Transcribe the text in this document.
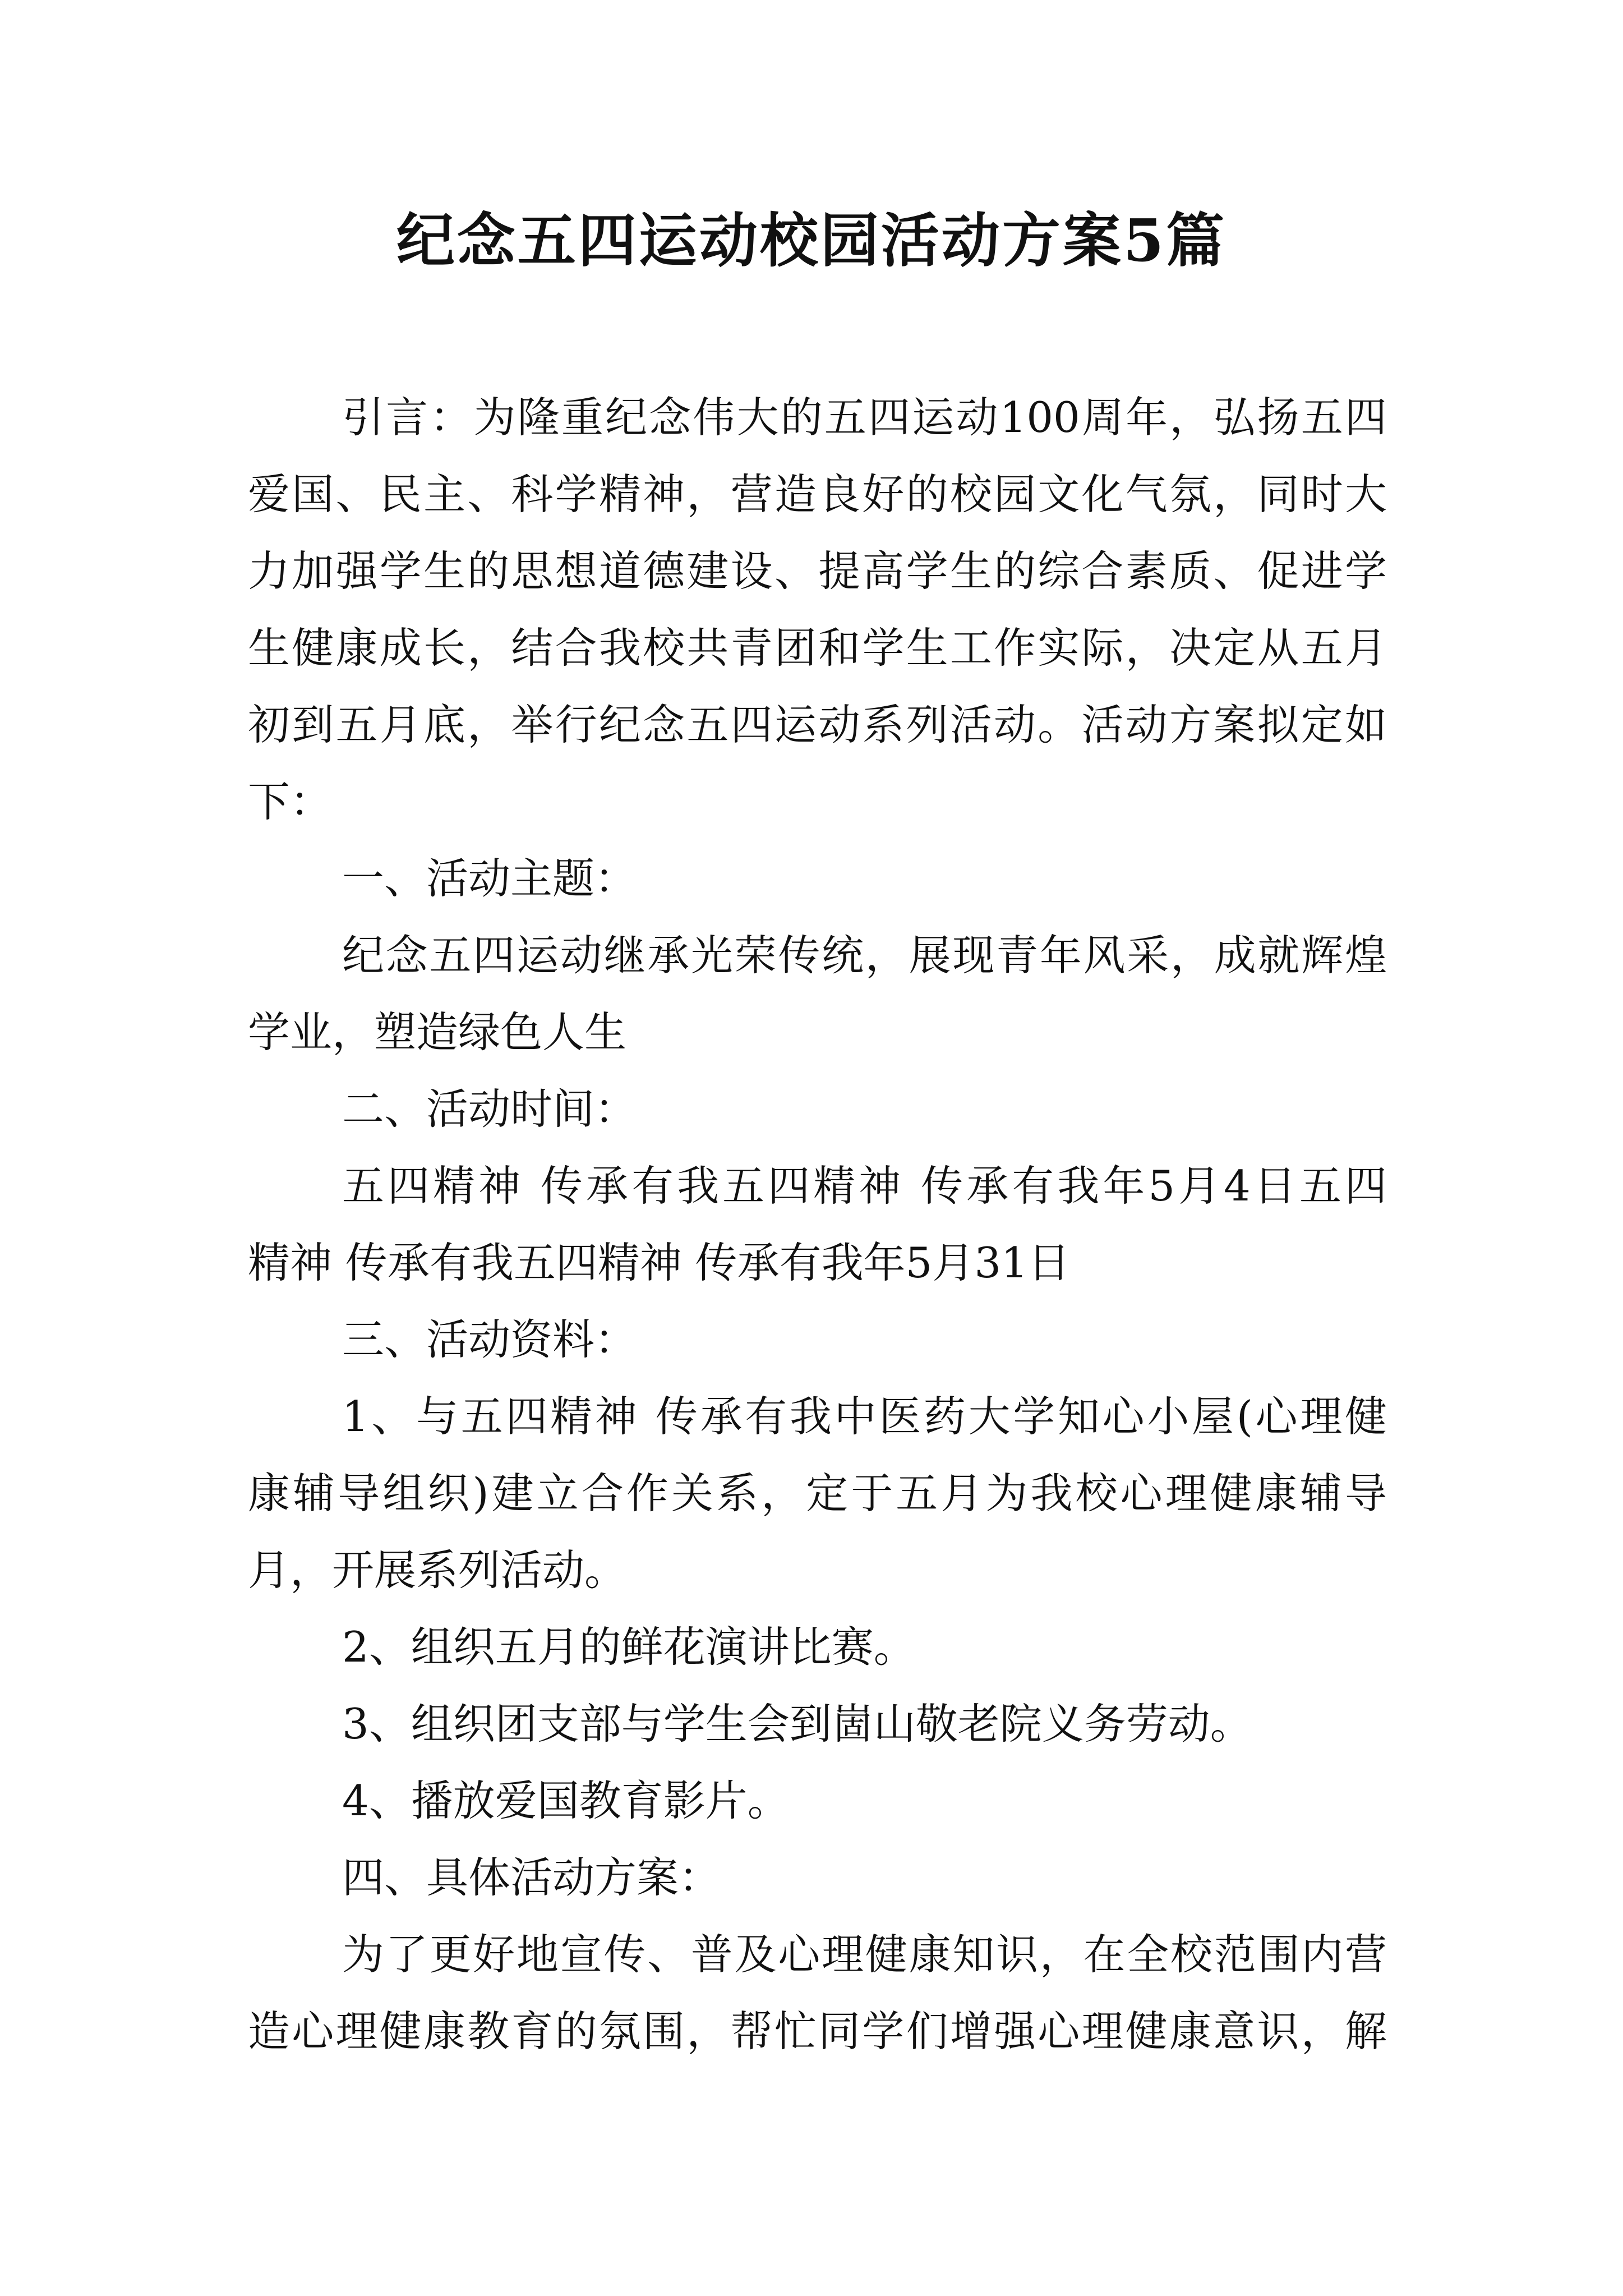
纪念五四运动校园活动方案5篇
引言：为隆重纪念伟大的五四运动100周年，弘扬五四
爱国、民主、科学精神，营造良好的校园文化气氛，同时大
力加强学生的思想道德建设、提高学生的综合素质、促进学
生健康成长，结合我校共青团和学生工作实际，决定从五月
初到五月底，举行纪念五四运动系列活动。活动方案拟定如
下：
一、活动主题：
纪念五四运动继承光荣传统，展现青年风采，成就辉煌
学业，塑造绿色人生
二、活动时间：
五四精神 传承有我五四精神 传承有我年5月4日五四
精神 传承有我五四精神 传承有我年5月31日
三、活动资料：
1、与五四精神 传承有我中医药大学知心小屋(心理健
康辅导组织)建立合作关系，定于五月为我校心理健康辅导
月，开展系列活动。
2、组织五月的鲜花演讲比赛。
3、组织团支部与学生会到崮山敬老院义务劳动。
4、播放爱国教育影片。
四、具体活动方案：
为了更好地宣传、普及心理健康知识，在全校范围内营
造心理健康教育的氛围，帮忙同学们增强心理健康意识，解
